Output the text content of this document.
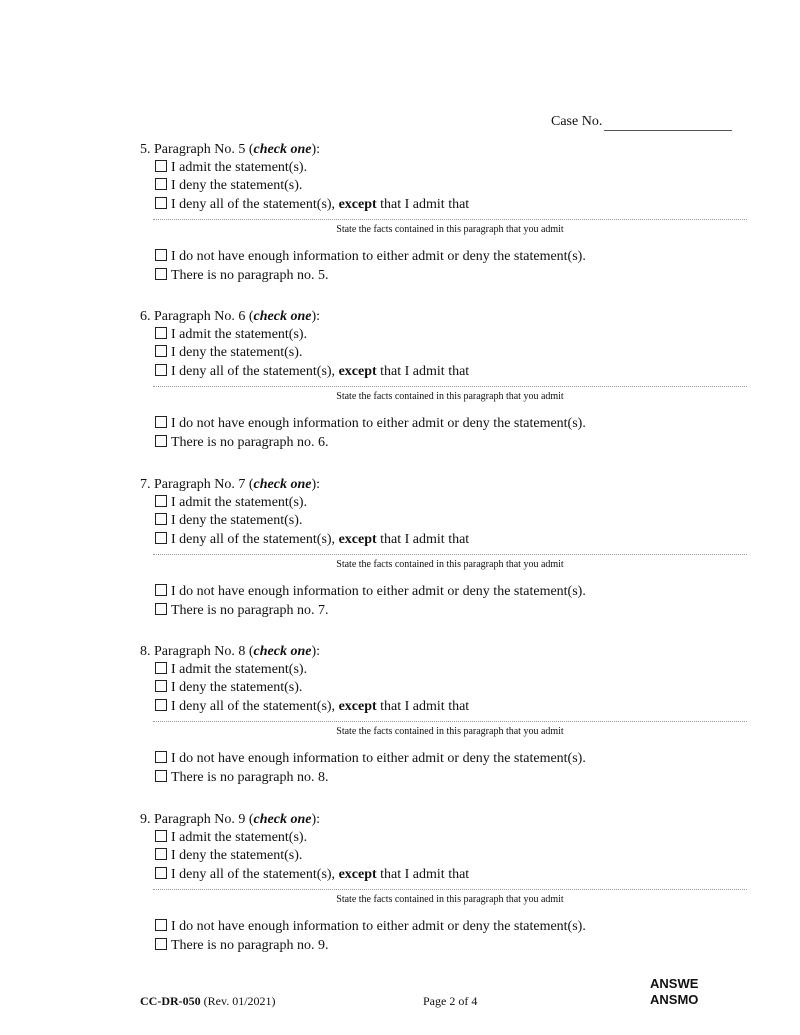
Case No.
5. Paragraph No. 5 (check one):
I admit the statement(s).
I deny the statement(s).
I deny all of the statement(s), except that I admit that
State the facts contained in this paragraph that you admit
I do not have enough information to either admit or deny the statement(s).
There is no paragraph no. 5.
6. Paragraph No. 6 (check one):
I admit the statement(s).
I deny the statement(s).
I deny all of the statement(s), except that I admit that
State the facts contained in this paragraph that you admit
I do not have enough information to either admit or deny the statement(s).
There is no paragraph no. 6.
7. Paragraph No. 7 (check one):
I admit the statement(s).
I deny the statement(s).
I deny all of the statement(s), except that I admit that
State the facts contained in this paragraph that you admit
I do not have enough information to either admit or deny the statement(s).
There is no paragraph no. 7.
8. Paragraph No. 8 (check one):
I admit the statement(s).
I deny the statement(s).
I deny all of the statement(s), except that I admit that
State the facts contained in this paragraph that you admit
I do not have enough information to either admit or deny the statement(s).
There is no paragraph no. 8.
9. Paragraph No. 9 (check one):
I admit the statement(s).
I deny the statement(s).
I deny all of the statement(s), except that I admit that
State the facts contained in this paragraph that you admit
I do not have enough information to either admit or deny the statement(s).
There is no paragraph no. 9.
CC-DR-050 (Rev. 01/2021)	Page 2 of 4
ANSWE
ANSMO
